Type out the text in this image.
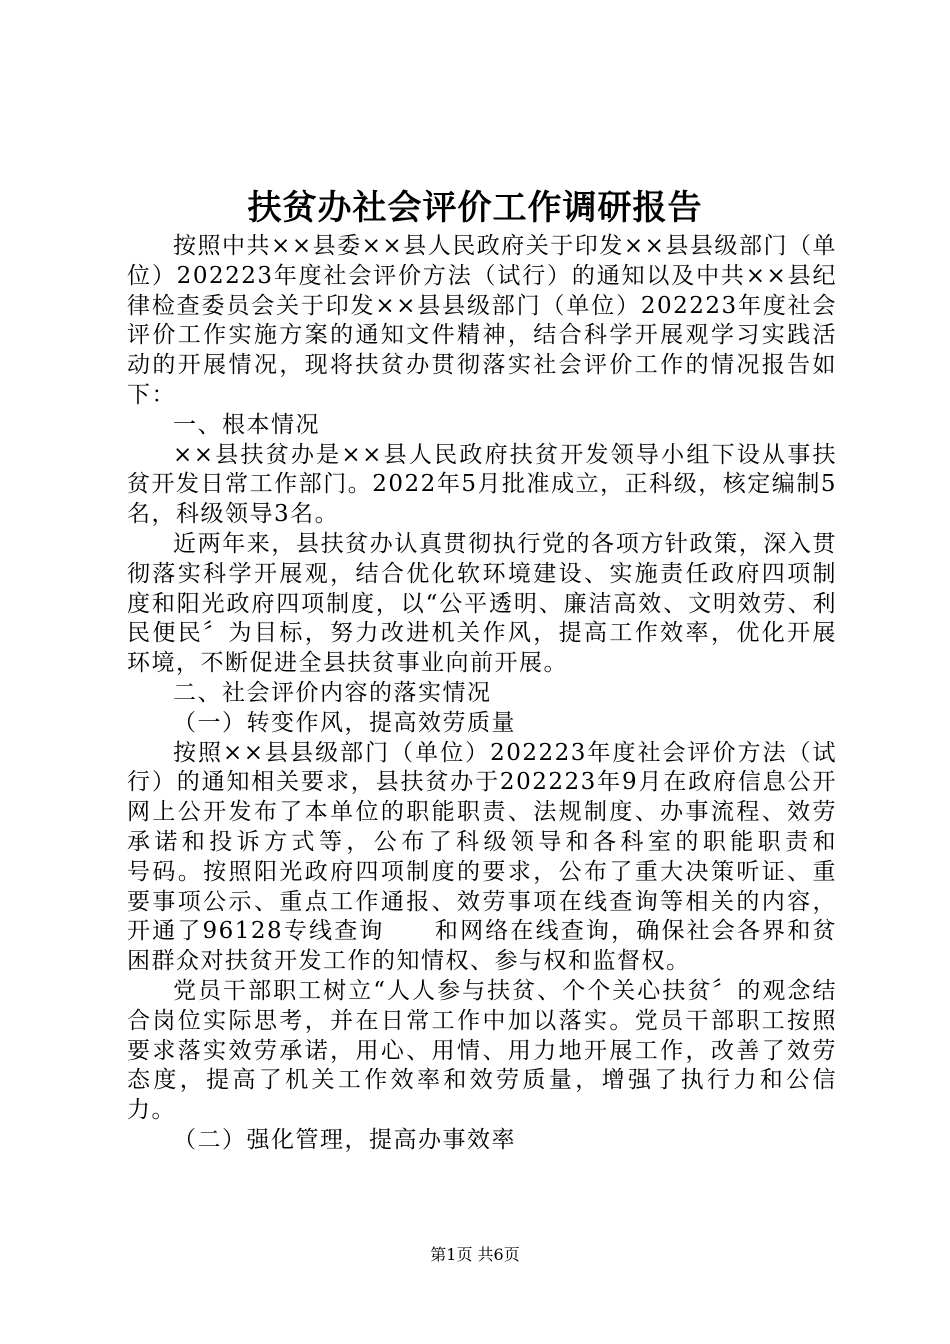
扶贫办社会评价工作调研报告

按照中共××县委××县人民政府关于印发××县县级部门（单位）202223年度社会评价方法（试行）的通知以及中共××县纪律检查委员会关于印发××县县级部门（单位）202223年度社会评价工作实施方案的通知文件精神，结合科学开展观学习实践活动的开展情况，现将扶贫办贯彻落实社会评价工作的情况报告如下：

一、根本情况

××县扶贫办是××县人民政府扶贫开发领导小组下设从事扶贫开发日常工作部门。2022年5月批准成立，正科级，核定编制5名，科级领导3名。

近两年来，县扶贫办认真贯彻执行党的各项方针政策，深入贯彻落实科学开展观，结合优化软环境建设、实施责任政府四项制度和阳光政府四项制度，以“公平透明、廉洁高效、文明效劳、利民便民〞为目标，努力改进机关作风，提高工作效率，优化开展环境，不断促进全县扶贫事业向前开展。

二、社会评价内容的落实情况

（一）转变作风，提高效劳质量

按照××县县级部门（单位）202223年度社会评价方法（试行）的通知相关要求，县扶贫办于202223年9月在政府信息公开网上公开发布了本单位的职能职责、法规制度、办事流程、效劳承诺和投诉方式等，公布了科级领导和各科室的职能职责和　　号码。按照阳光政府四项制度的要求，公布了重大决策听证、重要事项公示、重点工作通报、效劳事项在线查询等相关的内容，开通了96128专线查询　　和网络在线查询，确保社会各界和贫困群众对扶贫开发工作的知情权、参与权和监督权。

党员干部职工树立“人人参与扶贫、个个关心扶贫〞的观念结合岗位实际思考，并在日常工作中加以落实。党员干部职工按照要求落实效劳承诺，用心、用情、用力地开展工作，改善了效劳态度，提高了机关工作效率和效劳质量，增强了执行力和公信力。

（二）强化管理，提高办事效率

第1页 共6页
